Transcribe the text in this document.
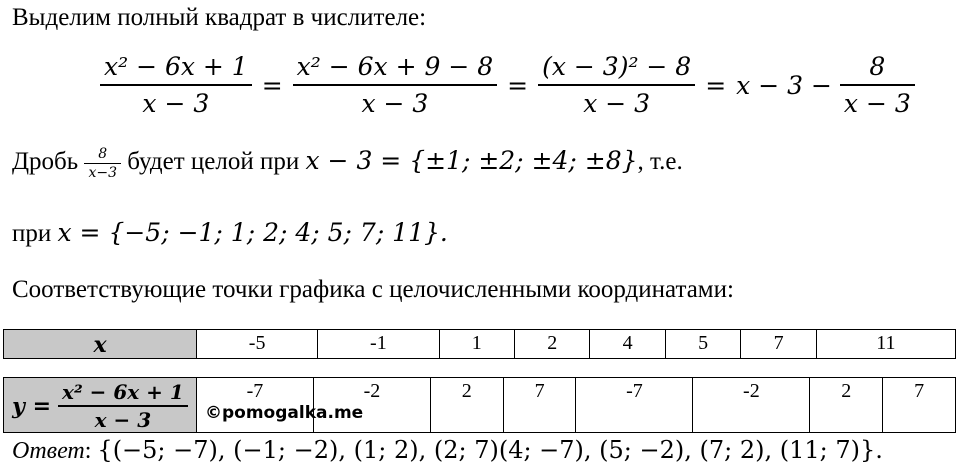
Выделим полный квадрат в числителе:
$\frac{\text{x² − 6x + 1}}{x - 3} = \frac{\text{x² − 6x + 9 − 8}}{x - 3} = \frac{\text{(x − 3)² − 8}}{x - 3} = x - 3 - \frac{8}{x - 3}$
Дробь $\frac{8}{x-3}$ будет целой при x − 3 = {±1; ±2; ±4; ±8}, т.е.
при x = {−5; −1; 1; 2; 4; 5; 7; 11}.
Соответствующие точки графика с целочисленными координатами:
x	-5	-1	1	2	4	5	7	11
$y = \frac{\text{x² − 6x + 1}}{x - 3}$	-7	-2	2	7	-7	-2	2	7
©pomogalka.me
Ответ: {(−5; −7), (−1; −2), (1; 2), (2; 7)(4; −7), (5; −2), (7; 2), (11; 7)}.
